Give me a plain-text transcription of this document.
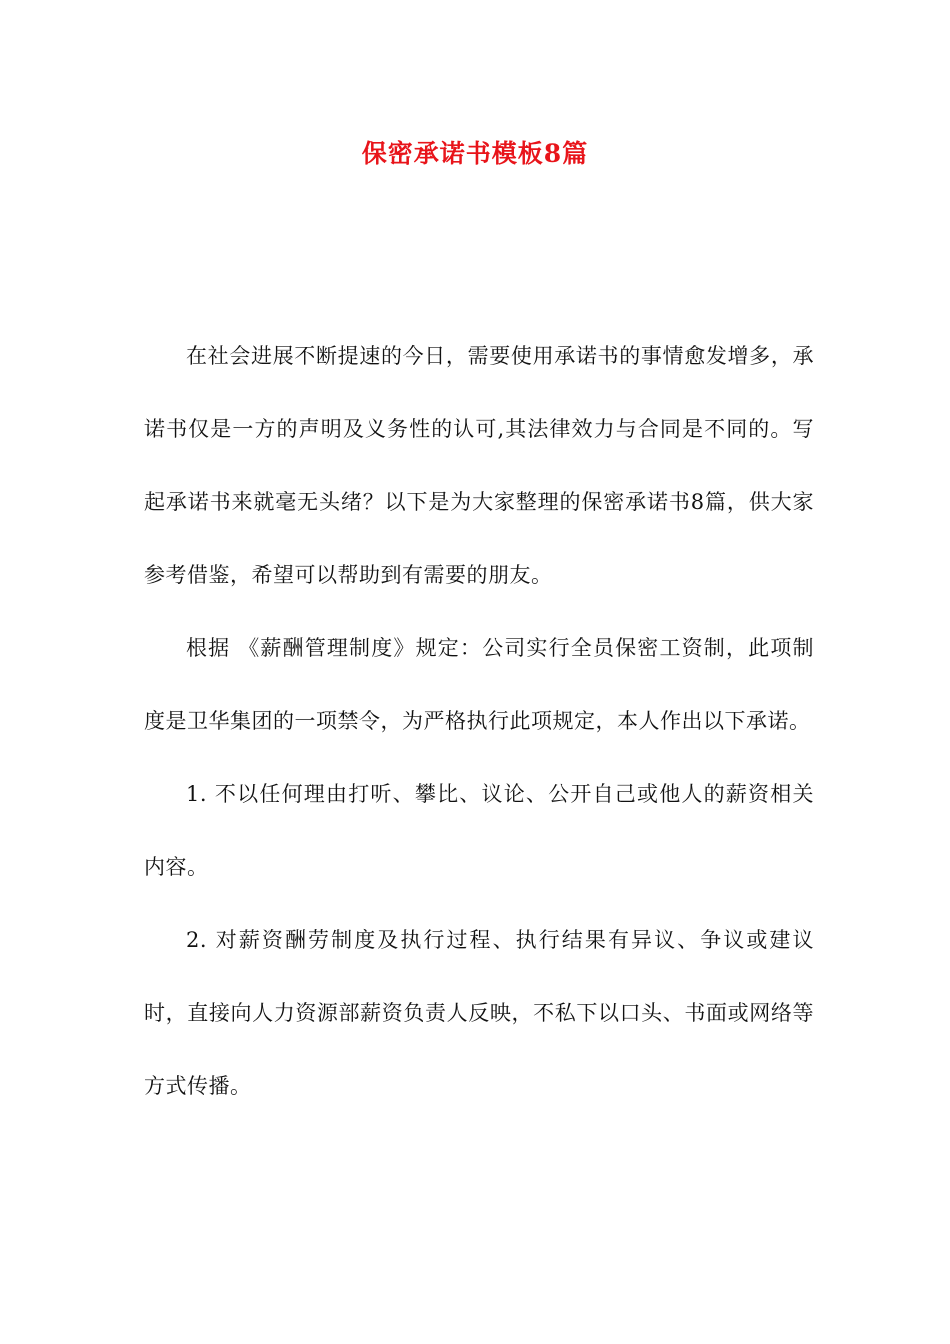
保密承诺书模板8篇

在社会进展不断提速的今日，需要使用承诺书的事情愈发增多，承诺书仅是一方的声明及义务性的认可,其法律效力与合同是不同的。写起承诺书来就毫无头绪？以下是为大家整理的保密承诺书8篇，供大家参考借鉴，希望可以帮助到有需要的朋友。

根据 《薪酬管理制度》规定：公司实行全员保密工资制，此项制度是卫华集团的一项禁令，为严格执行此项规定，本人作出以下承诺。

1. 不以任何理由打听、攀比、议论、公开自己或他人的薪资相关内容。

2. 对薪资酬劳制度及执行过程、执行结果有异议、争议或建议时，直接向人力资源部薪资负责人反映，不私下以口头、书面或网络等方式传播。
